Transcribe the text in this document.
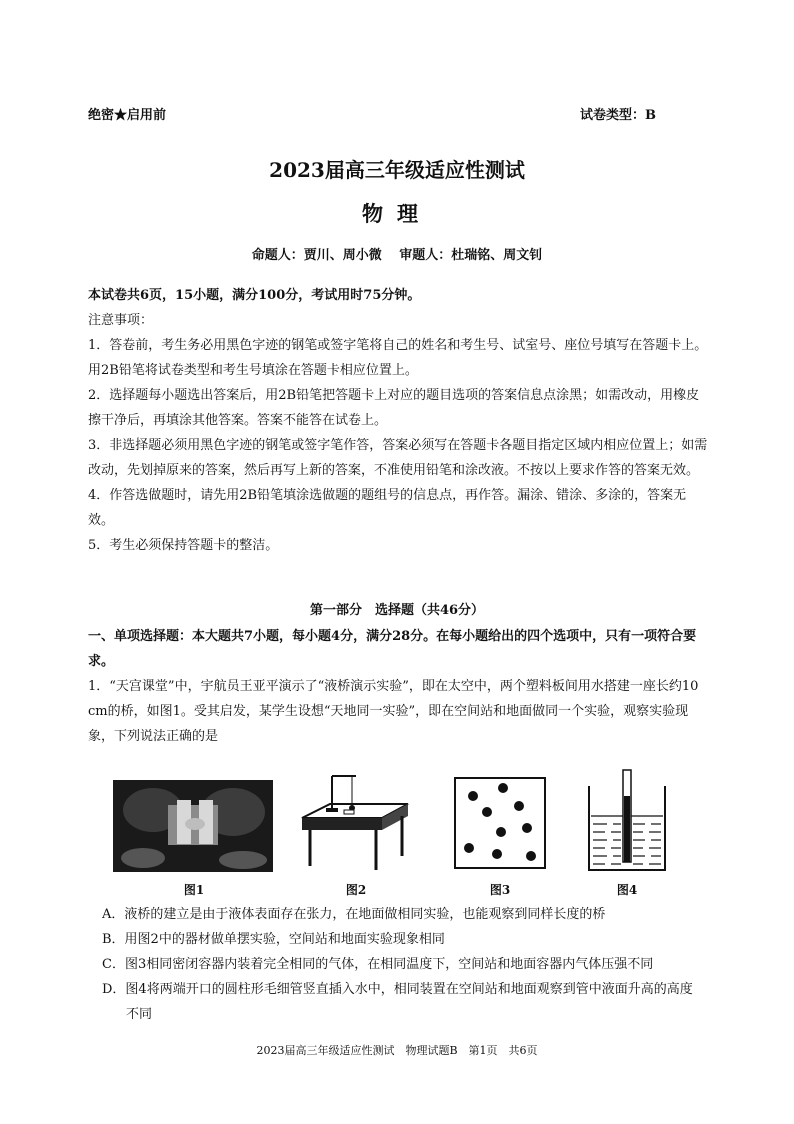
绝密★启用前	试卷类型：B
2023届高三年级适应性测试
物理
命题人：贾川、周小微　 审题人：杜瑞铭、周文钊
本试卷共6页，15小题，满分100分，考试用时75分钟。
注意事项：

1．答卷前，考生务必用黑色字迹的钢笔或签字笔将自己的姓名和考生号、试室号、座位号填写在答题卡上。用2B铅笔将试卷类型和考生号填涂在答题卡相应位置上。

2．选择题每小题选出答案后，用2B铅笔把答题卡上对应的题目选项的答案信息点涂黑；如需改动，用橡皮擦干净后，再填涂其他答案。答案不能答在试卷上。

3．非选择题必须用黑色字迹的钢笔或签字笔作答，答案必须写在答题卡各题目指定区域内相应位置上；如需改动，先划掉原来的答案，然后再写上新的答案，不准使用铅笔和涂改液。不按以上要求作答的答案无效。

4．作答选做题时，请先用2B铅笔填涂选做题的题组号的信息点，再作答。漏涂、错涂、多涂的，答案无效。

5．考生必须保持答题卡的整洁。

第一部分　选择题（共46分）
一、单项选择题：本大题共7小题，每小题4分，满分28分。在每小题给出的四个选项中，只有一项符合要求。
1．“天宫课堂”中，宇航员王亚平演示了“液桥演示实验”，即在太空中，两个塑料板间用水搭建一座长约10 cm的桥，如图1。受其启发，某学生设想“天地同一实验”，即在空间站和地面做同一个实验，观察实验现象，下列说法正确的是
图1	图2	图3	图4

A．液桥的建立是由于液体表面存在张力，在地面做相同实验，也能观察到同样长度的桥

B．用图2中的器材做单摆实验，空间站和地面实验现象相同

C．图3相同密闭容器内装着完全相同的气体，在相同温度下，空间站和地面容器内气体压强不同

D．图4将两端开口的圆柱形毛细管竖直插入水中，相同装置在空间站和地面观察到管中液面升高的高度不同

2023届高三年级适应性测试　物理试题B　第1页　共6页
